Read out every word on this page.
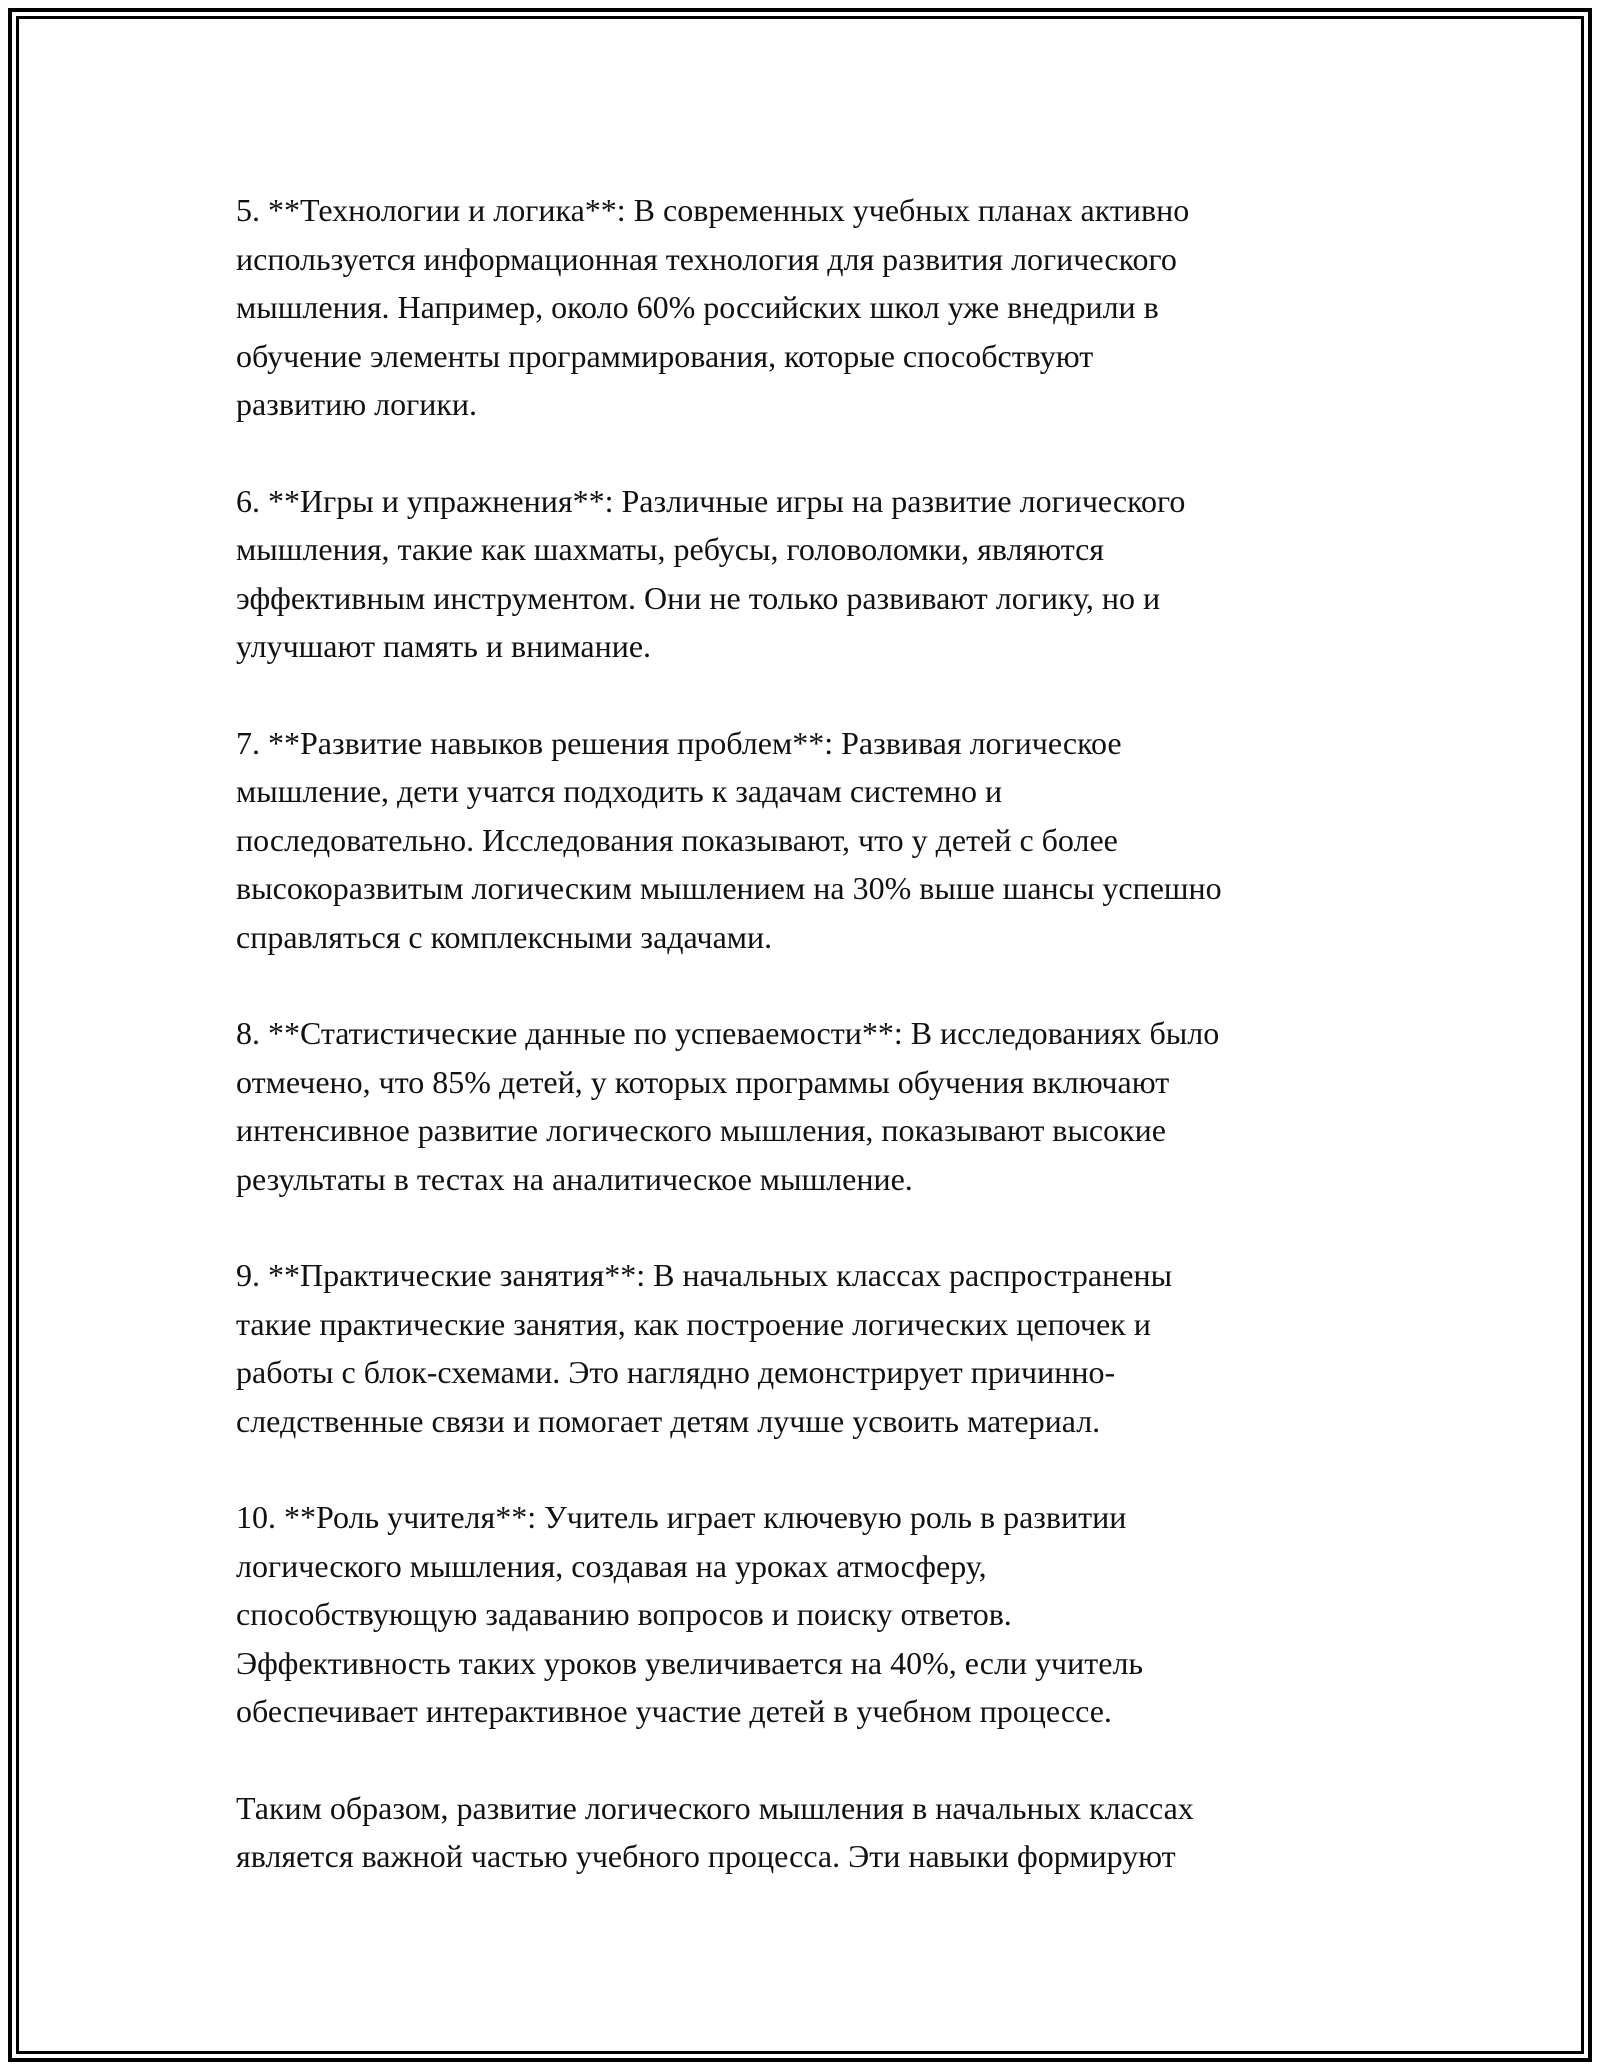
5. **Технологии и логика**: В современных учебных планах активно
используется информационная технология для развития логического
мышления. Например, около 60% российских школ уже внедрили в
обучение элементы программирования, которые способствуют
развитию логики.

6. **Игры и упражнения**: Различные игры на развитие логического
мышления, такие как шахматы, ребусы, головоломки, являются
эффективным инструментом. Они не только развивают логику, но и
улучшают память и внимание.

7. **Развитие навыков решения проблем**: Развивая логическое
мышление, дети учатся подходить к задачам системно и
последовательно. Исследования показывают, что у детей с более
высокоразвитым логическим мышлением на 30% выше шансы успешно
справляться с комплексными задачами.

8. **Статистические данные по успеваемости**: В исследованиях было
отмечено, что 85% детей, у которых программы обучения включают
интенсивное развитие логического мышления, показывают высокие
результаты в тестах на аналитическое мышление.

9. **Практические занятия**: В начальных классах распространены
такие практические занятия, как построение логических цепочек и
работы с блок-схемами. Это наглядно демонстрирует причинно-
следственные связи и помогает детям лучше усвоить материал.

10. **Роль учителя**: Учитель играет ключевую роль в развитии
логического мышления, создавая на уроках атмосферу,
способствующую задаванию вопросов и поиску ответов.
Эффективность таких уроков увеличивается на 40%, если учитель
обеспечивает интерактивное участие детей в учебном процессе.

Таким образом, развитие логического мышления в начальных классах
является важной частью учебного процесса. Эти навыки формируют
